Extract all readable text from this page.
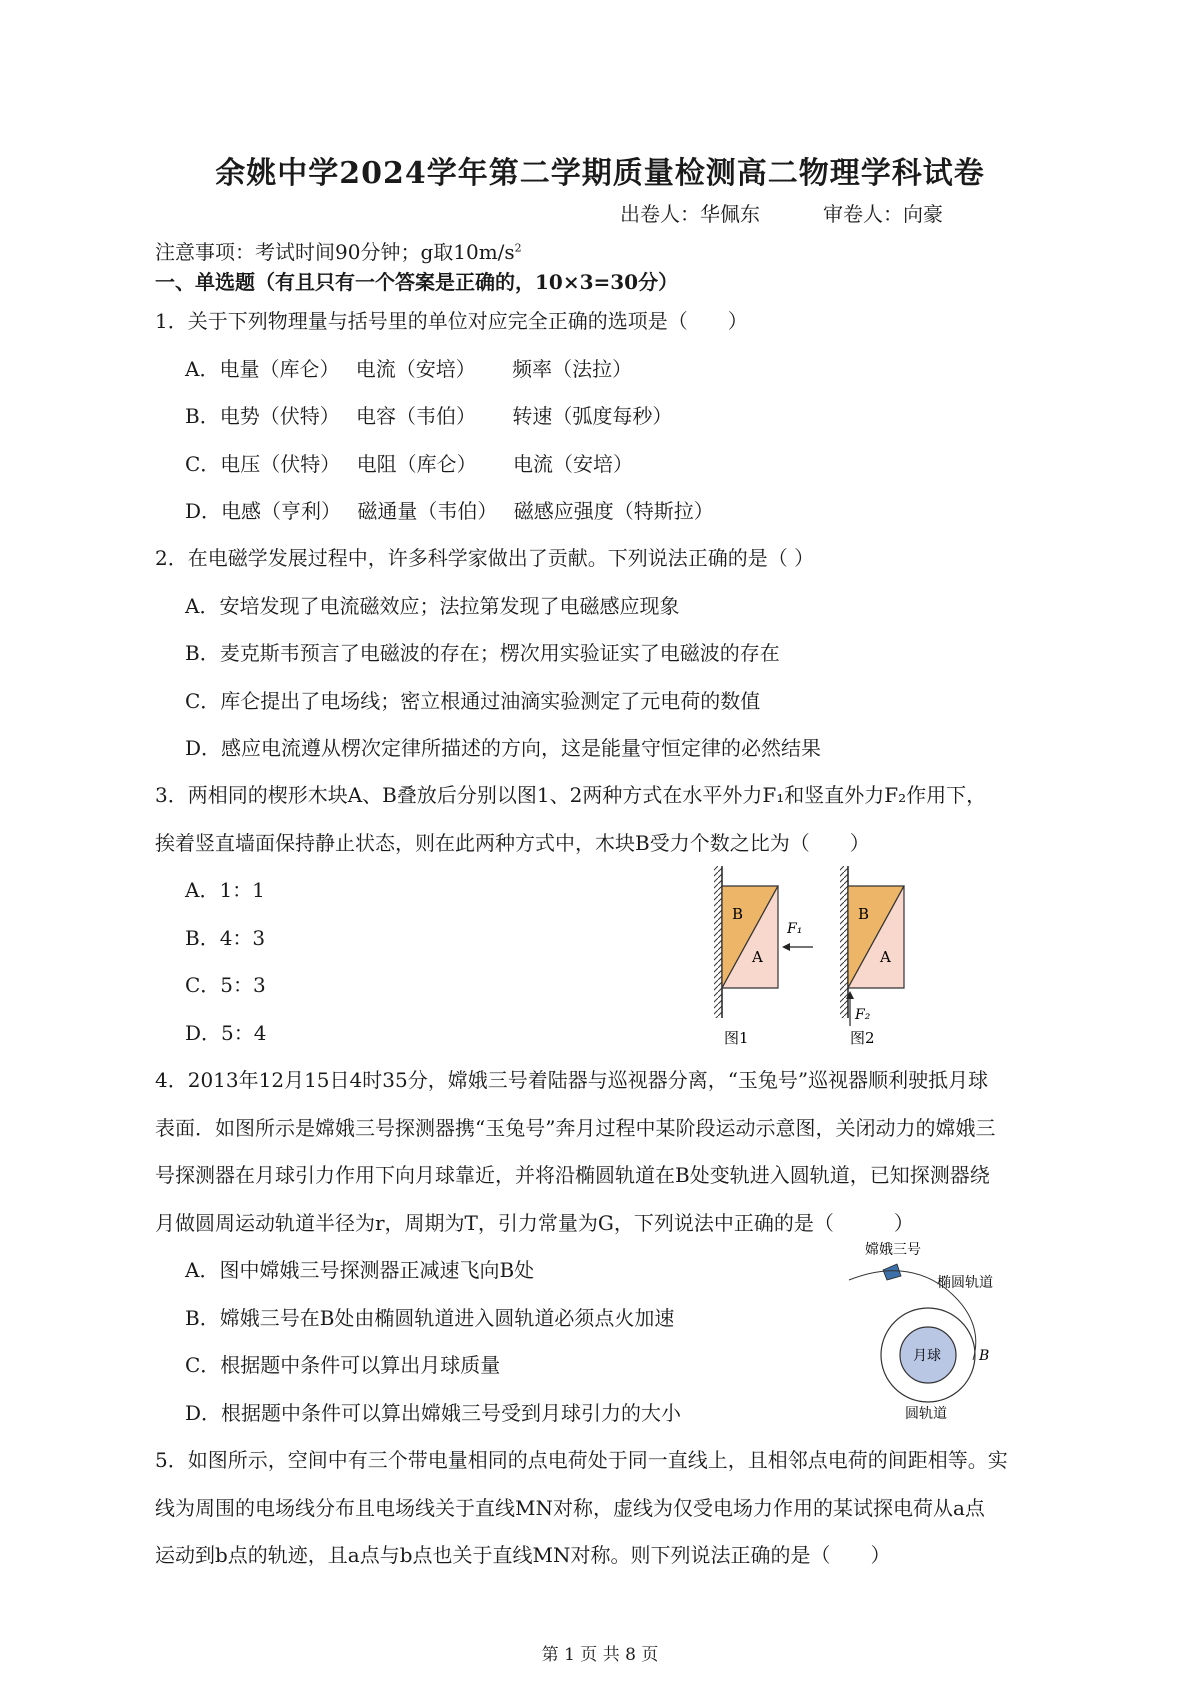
余姚中学2024学年第二学期质量检测高二物理学科试卷
出卷人：华佩东	审卷人：向豪
注意事项：考试时间90分钟；g取$10m/s^2$
一、单选题（有且只有一个答案是正确的，10×3=30分）
1．关于下列物理量与括号里的单位对应完全正确的选项是（　　）
A．电量（库仑）　 电流（安培）　　 频率（法拉）
B．电势（伏特）　 电容（韦伯）　　 转速（弧度每秒）
C．电压（伏特）　 电阻（库仑）　　 电流（安培）
D．电感（亨利）　 磁通量（韦伯）　 磁感应强度（特斯拉）
2．在电磁学发展过程中，许多科学家做出了贡献。下列说法正确的是（ ）
A．安培发现了电流磁效应；法拉第发现了电磁感应现象
B．麦克斯韦预言了电磁波的存在；楞次用实验证实了电磁波的存在
C．库仑提出了电场线；密立根通过油滴实验测定了元电荷的数值
D．感应电流遵从楞次定律所描述的方向，这是能量守恒定律的必然结果
3．两相同的楔形木块A、B叠放后分别以图1、2两种方式在水平外力F₁和竖直外力F₂作用下，
挨着竖直墙面保持静止状态，则在此两种方式中，木块B受力个数之比为（　　）
A．1：1
B．4：3
C．5：3
D．5：4
B
A
F₁
图1
B
A
F₂
图2
4．2013年12月15日4时35分，嫦娥三号着陆器与巡视器分离，“玉兔号”巡视器顺利驶抵月球
表面．如图所示是嫦娥三号探测器携“玉兔号”奔月过程中某阶段运动示意图，关闭动力的嫦娥三
号探测器在月球引力作用下向月球靠近，并将沿椭圆轨道在B处变轨进入圆轨道，已知探测器绕
月做圆周运动轨道半径为r，周期为T，引力常量为G，下列说法中正确的是（　　　）
A．图中嫦娥三号探测器正减速飞向B处
B．嫦娥三号在B处由椭圆轨道进入圆轨道必须点火加速
C．根据题中条件可以算出月球质量
D．根据题中条件可以算出嫦娥三号受到月球引力的大小
嫦娥三号
椭圆轨道
月球	B
圆轨道
5．如图所示，空间中有三个带电量相同的点电荷处于同一直线上，且相邻点电荷的间距相等。实
线为周围的电场线分布且电场线关于直线MN对称，虚线为仅受电场力作用的某试探电荷从a点
运动到b点的轨迹，且a点与b点也关于直线MN对称。则下列说法正确的是（　　）
第 1 页 共 8 页
